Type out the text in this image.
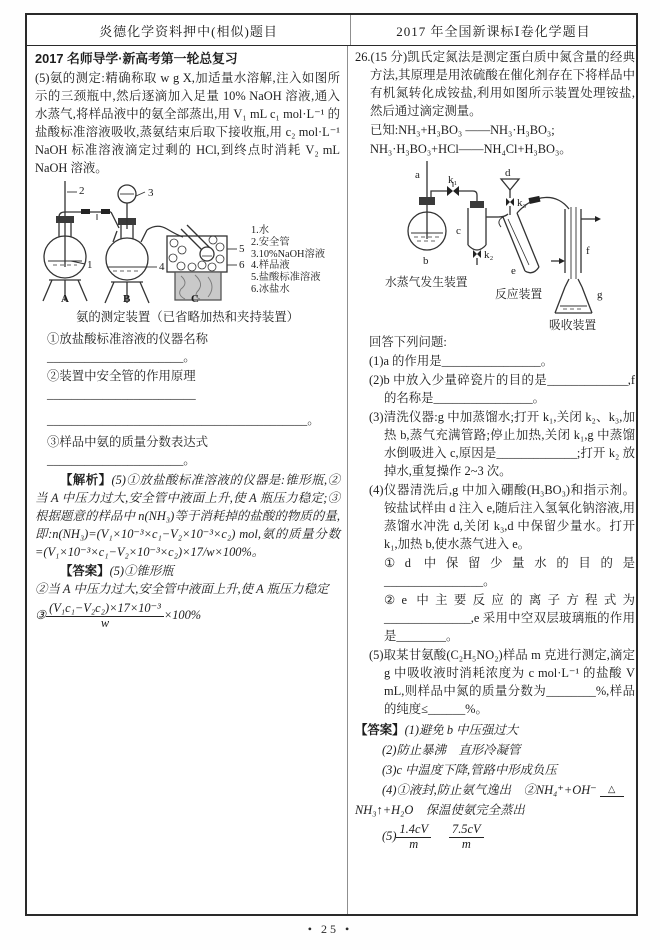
炎德化学资料押中(相似)题目	2017 年全国新课标Ⅰ卷化学题目
2017 名师导学·新高考第一轮总复习
(5)氨的测定:精确称取 w g X,加适量水溶解,注入如图所示的三颈瓶中,然后逐滴加入足量 10% NaOH 溶液,通入水蒸气,将样品液中的氨全部蒸出,用 V₁ mL c₁ mol·L⁻¹ 的盐酸标准溶液吸收,蒸氨结束后取下接收瓶,用 c₂ mol·L⁻¹ NaOH 标准溶液滴定过剩的 HCl,到终点时消耗 V₂ mL NaOH 溶液。
2	3
1	4
5
6
A	B	C
1.水
2.安全管
3.10%NaOH溶液
4.样品液
5.盐酸标准溶液
6.冰盐水
氨的测定装置（已省略加热和夹持装置）
①放盐酸标准溶液的仪器名称______________________。
②装置中安全管的作用原理________________________
__________________________________________。
③样品中氨的质量分数表达式______________________。
【解析】(5)①放盐酸标准溶液的仪器是:锥形瓶,②当 A 中压力过大,安全管中液面上升,使 A 瓶压力稳定;③根据题意的样品中 n(NH₃)等于消耗掉的盐酸的物质的量,即:n(NH₃)=(V₁×10⁻³×c₁−V₂×10⁻³×c₂) mol,氨的质量分数=(V₁×10⁻³×c₁−V₂×10⁻³×c₂)×17/w×100%。
【答案】(5)①锥形瓶
②当 A 中压力过大,安全管中液面上升,使 A 瓶压力稳定
③ $\frac{\text{(V₁c₁−V₂c₂)×17×10⁻³}}{w} \times 100\%$
26.(15 分)凯氏定氮法是测定蛋白质中氮含量的经典方法,其原理是用浓硫酸在催化剂存在下将样品中有机氮转化成铵盐,利用如图所示装置处理铵盐,然后通过滴定测量。
已知:NH₃+H₃BO₃ ——NH₃·H₃BO₃;
NH₃·H₃BO₃+HCl——NH₄Cl+H₃BO₃。
a	k₁
b
c
k₂
d
k₃
e
f
g
水蒸气发生装置
反应装置
吸收装置
回答下列问题:
(1)a 的作用是________________。
(2)b 中放入少量碎瓷片的目的是_____________,f 的名称是________________。
(3)清洗仪器:g 中加蒸馏水;打开 k₁,关闭 k₂、k₃,加热 b,蒸气充满管路;停止加热,关闭 k₁,g 中蒸馏水倒吸进入 c,原因是_____________;打开 k₂ 放掉水,重复操作 2~3 次。
(4)仪器清洗后,g 中加入硼酸(H₃BO₃)和指示剂。铵盐试样由 d 注入 e,随后注入氢氧化钠溶液,用蒸馏水冲洗 d,关闭 k₃,d 中保留少量水。打开 k₁,加热 b,使水蒸气进入 e。
①d 中保留少量水的目的是________________。
②e 中主要反应的离子方程式为______________,e 采用中空双层玻璃瓶的作用是________。
(5)取某甘氨酸(C₂H₅NO₂)样品 m 克进行测定,滴定 g 中吸收液时消耗浓度为 c mol·L⁻¹ 的盐酸 V mL,则样品中氮的质量分数为________%,样品的纯度≤______%。
【答案】(1)避免 b 中压强过大
(2)防止暴沸　直形冷凝管
(3)c 中温度下降,管路中形成负压
(4)①液封,防止氨气逸出　②NH₄⁺+OH⁻	△
NH₃↑+H₂O　保温使氨完全蒸出
$(5) \frac{1.4cV}{m} \frac{7.5cV}{m}$
• 25 •
